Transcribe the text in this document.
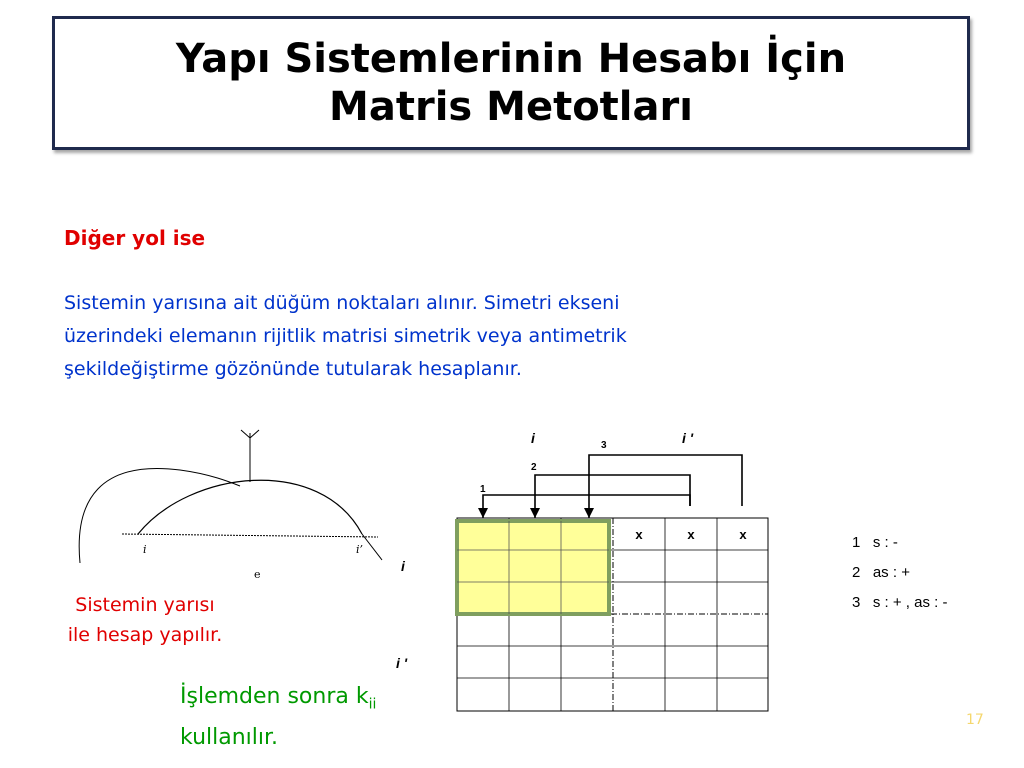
Yapı Sistemlerinin Hesabı İçin
Matris Metotları
Diğer yol ise
Sistemin yarısına ait düğüm noktaları alınır. Simetri ekseni
üzerindeki elemanın rijitlik matrisi simetrik veya antimetrik
şekildeğiştirme gözönünde tutularak hesaplanır.
i	i’
e
x	x	x
1
2
3
i	i '
i
i '
1   s : -
2   as : +
3   s : + , as : -
Sistemin yarısı
ile hesap yapılır.
İşlemden sonra $k_{ii}$
kullanılır.
17
